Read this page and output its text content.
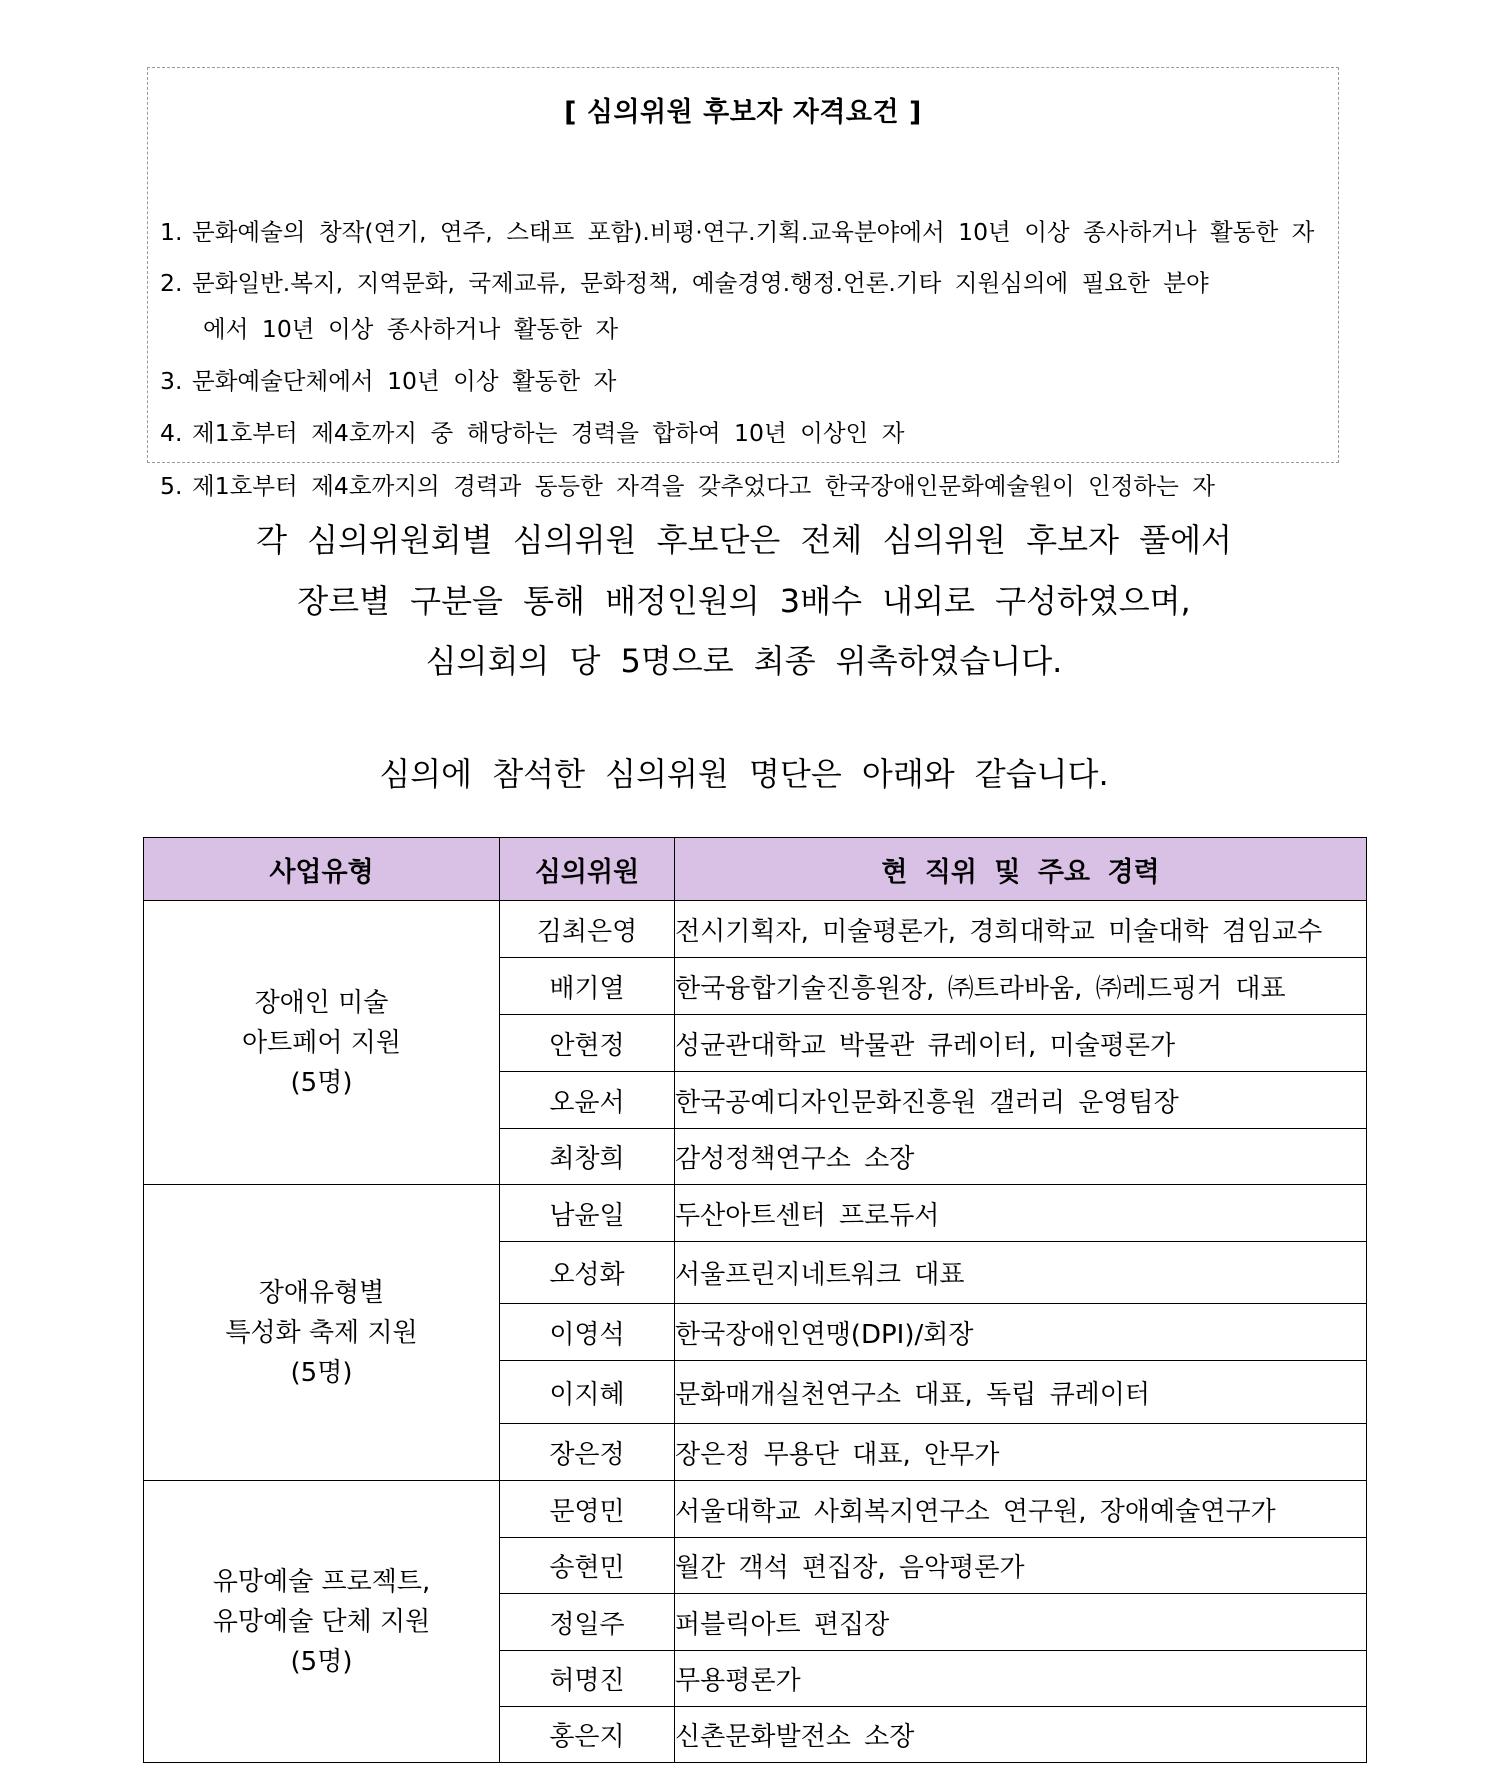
[ 심의위원 후보자 자격요건 ]
1. 문화예술의 창작(연기, 연주, 스태프 포함).비평·연구.기획.교육분야에서 10년 이상 종사하거나 활동한 자
2. 문화일반.복지, 지역문화, 국제교류, 문화정책, 예술경영.행정.언론.기타 지원심의에 필요한 분야
에서 10년 이상 종사하거나 활동한 자
3. 문화예술단체에서 10년 이상 활동한 자
4. 제1호부터 제4호까지 중 해당하는 경력을 합하여 10년 이상인 자
5. 제1호부터 제4호까지의 경력과 동등한 자격을 갖추었다고 한국장애인문화예술원이 인정하는 자
각 심의위원회별 심의위원 후보단은 전체 심의위원 후보자 풀에서
장르별 구분을 통해 배정인원의 3배수 내외로 구성하였으며,
심의회의 당 5명으로 최종 위촉하였습니다.
심의에 참석한 심의위원 명단은 아래와 같습니다.
사업유형	심의위원	현 직위 및 주요 경력

장애인 미술
아트페어 지원
(5명)	김최은영	전시기획자, 미술평론가, 경희대학교 미술대학 겸임교수
	배기열	한국융합기술진흥원장, ㈜트라바움, ㈜레드핑거 대표
	안현정	성균관대학교 박물관 큐레이터, 미술평론가
	오윤서	한국공예디자인문화진흥원 갤러리 운영팀장
	최창희	감성정책연구소 소장

장애유형별
특성화 축제 지원
(5명)	남윤일	두산아트센터 프로듀서
	오성화	서울프린지네트워크 대표
	이영석	한국장애인연맹(DPI)/회장
	이지혜	문화매개실천연구소 대표, 독립 큐레이터
	장은정	장은정 무용단 대표, 안무가

유망예술 프로젝트,
유망예술 단체 지원
(5명)	문영민	서울대학교 사회복지연구소 연구원, 장애예술연구가
	송현민	월간 객석 편집장, 음악평론가
	정일주	퍼블릭아트 편집장
	허명진	무용평론가
	홍은지	신촌문화발전소 소장
